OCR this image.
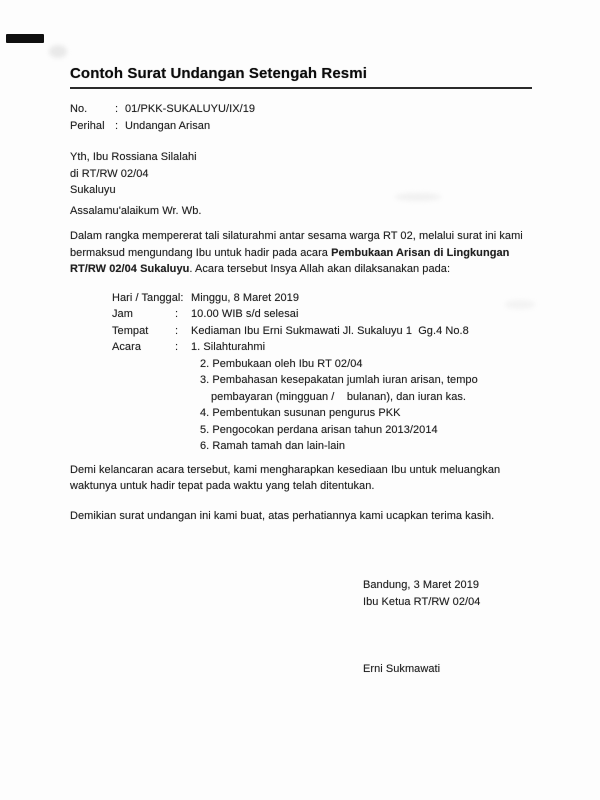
Contoh Surat Undangan Setengah Resmi
No.	: 01/PKK-SUKALUYU/IX/19
Perihal : Undangan Arisan
Yth, Ibu Rossiana Silalahi
di RT/RW 02/04
Sukaluyu
Assalamu'alaikum Wr. Wb.
Dalam rangka mempererat tali silaturahmi antar sesama warga RT 02, melalui surat ini kami
bermaksud mengundang Ibu untuk hadir pada acara Pembukaan Arisan di Lingkungan
RT/RW 02/04 Sukaluyu. Acara tersebut Insya Allah akan dilaksanakan pada:
Hari / Tanggal: Minggu, 8 Maret 2019
Jam	:	10.00 WIB s/d selesai
Tempat	:	Kediaman Ibu Erni Sukmawati Jl. Sukaluyu 1  Gg.4 No.8
Acara	:	1. Silahturahmi
2. Pembukaan oleh Ibu RT 02/04
3. Pembahasan kesepakatan jumlah iuran arisan, tempo
pembayaran (mingguan /    bulanan), dan iuran kas.
4. Pembentukan susunan pengurus PKK
5. Pengocokan perdana arisan tahun 2013/2014
6. Ramah tamah dan lain-lain
Demi kelancaran acara tersebut, kami mengharapkan kesediaan Ibu untuk meluangkan
waktunya untuk hadir tepat pada waktu yang telah ditentukan.
Demikian surat undangan ini kami buat, atas perhatiannya kami ucapkan terima kasih.
Bandung, 3 Maret 2019
Ibu Ketua RT/RW 02/04
Erni Sukmawati
